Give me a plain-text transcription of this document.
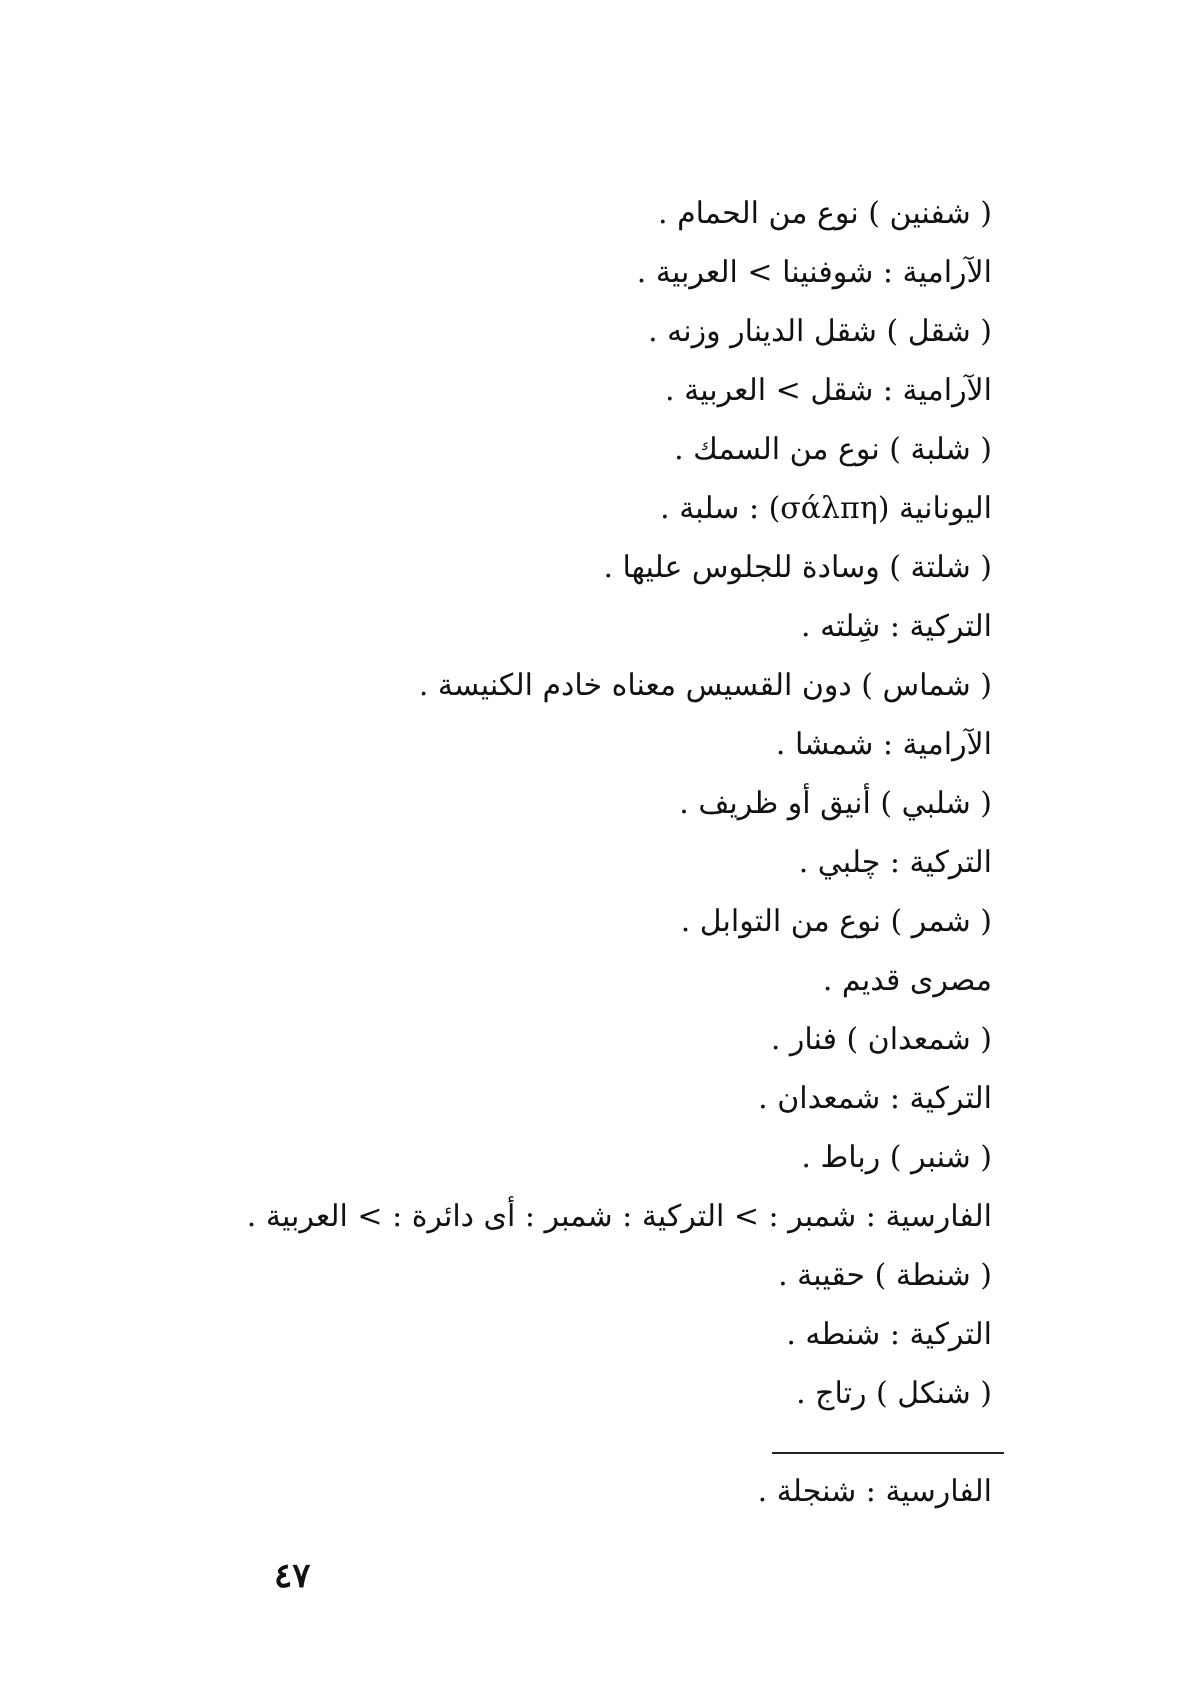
( شفنين ) نوع من الحمام .
الآرامية : شوفنينا > العربية .
( شقل ) شقل الدينار وزنه .
الآرامية : شقل > العربية .
( شلبة ) نوع من السمك .
اليونانية (σάλπη) : سلبة .
( شلتة ) وسادة للجلوس عليها .
التركية : شِلته .
( شماس ) دون القسيس معناه خادم الكنيسة .
الآرامية : شمشا .
( شلبي ) أنيق أو ظريف .
التركية : چلبي .
( شمر ) نوع من التوابل .
مصرى قديم .
( شمعدان ) فنار .
التركية : شمعدان .
( شنبر ) رباط .
الفارسية : شمبر : > التركية : شمبر : أى دائرة : > العربية .
( شنطة ) حقيبة .
التركية : شنطه .
( شنكل ) رتاج .
الفارسية : شنجلة .
٤٧
